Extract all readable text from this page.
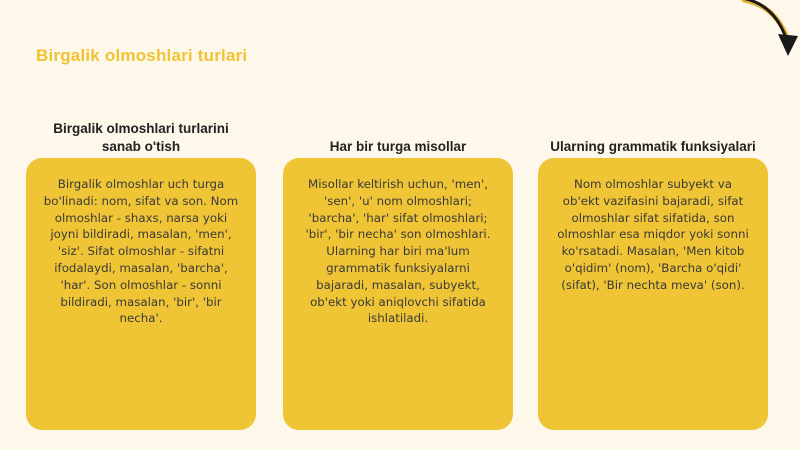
Birgalik olmoshlari turlari
Birgalik olmoshlari turlarini sanab o'tish
Birgalik olmoshlar uch turga bo'linadi: nom, sifat va son. Nom olmoshlar - shaxs, narsa yoki joyni bildiradi, masalan, 'men', 'siz'. Sifat olmoshlar - sifatni ifodalaydi, masalan, 'barcha', 'har'. Son olmoshlar - sonni bildiradi, masalan, 'bir', 'bir necha'.
Har bir turga misollar
Misollar keltirish uchun, 'men', 'sen', 'u' nom olmoshlari; 'barcha', 'har' sifat olmoshlari; 'bir', 'bir necha' son olmoshlari. Ularning har biri ma'lum grammatik funksiyalarni bajaradi, masalan, subyekt, ob'ekt yoki aniqlovchi sifatida ishlatiladi.
Ularning grammatik funksiyalari
Nom olmoshlar subyekt va ob'ekt vazifasini bajaradi, sifat olmoshlar sifat sifatida, son olmoshlar esa miqdor yoki sonni ko'rsatadi. Masalan, 'Men kitob o'qidim' (nom), 'Barcha o'qidi' (sifat), 'Bir nechta meva' (son).
